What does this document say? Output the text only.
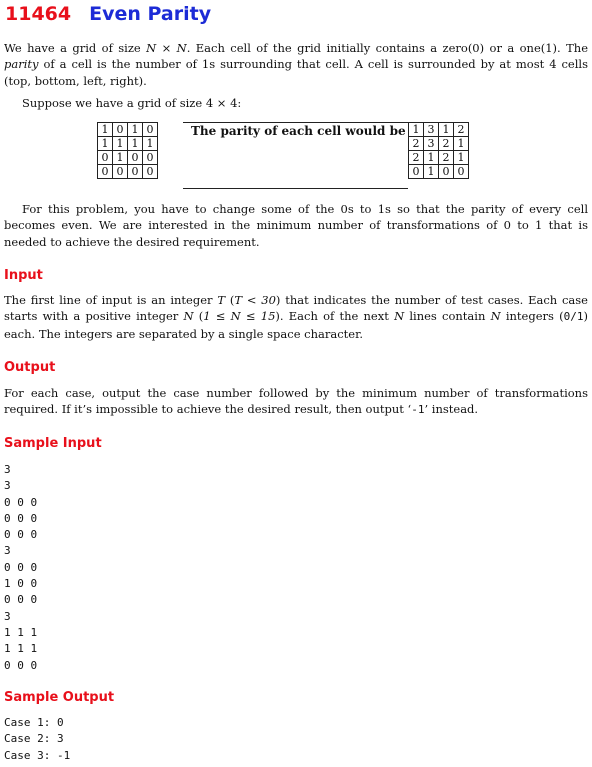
11464 Even Parity
We have a grid of size N × N. Each cell of the grid initially contains a zero(0) or a one(1). The parity of a cell is the number of 1s surrounding that cell. A cell is surrounded by at most 4 cells (top, bottom, left, right).
Suppose we have a grid of size 4 × 4:
1	0	1	0
1	1	1	1
0	1	0	0
0	0	0	0
The parity of each cell would be 1	3	1	2
2	3	2	1
2	1	2	1
0	1	0	0
For this problem, you have to change some of the 0s to 1s so that the parity of every cell becomes even. We are interested in the minimum number of transformations of 0 to 1 that is needed to achieve the desired requirement.
Input
The first line of input is an integer T (T < 30) that indicates the number of test cases. Each case starts with a positive integer N (1 ≤ N ≤ 15). Each of the next N lines contain N integers (0/1) each. The integers are separated by a single space character.
Output
For each case, output the case number followed by the minimum number of transformations required. If it’s impossible to achieve the desired result, then output ‘-1’ instead.
Sample Input
3
3
0 0 0
0 0 0
0 0 0
3
0 0 0
1 0 0
0 0 0
3
1 1 1
1 1 1
0 0 0
Sample Output
Case 1: 0
Case 2: 3
Case 3: -1
